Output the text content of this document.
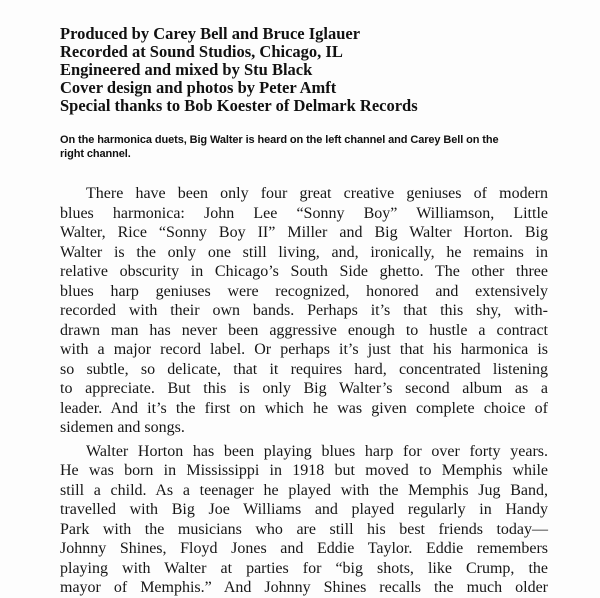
Produced by Carey Bell and Bruce Iglauer
Recorded at Sound Studios, Chicago, IL
Engineered and mixed by Stu Black
Cover design and photos by Peter Amft
Special thanks to Bob Koester of Delmark Records

On the harmonica duets, Big Walter is heard on the left channel and Carey Bell on the
right channel.

There have been only four great creative geniuses of modern
blues harmonica: John Lee “Sonny Boy” Williamson, Little
Walter, Rice “Sonny Boy II” Miller and Big Walter Horton. Big
Walter is the only one still living, and, ironically, he remains in
relative obscurity in Chicago’s South Side ghetto. The other three
blues harp geniuses were recognized, honored and extensively
recorded with their own bands. Perhaps it’s that this shy, with-
drawn man has never been aggressive enough to hustle a contract
with a major record label. Or perhaps it’s just that his harmonica is
so subtle, so delicate, that it requires hard, concentrated listening
to appreciate. But this is only Big Walter’s second album as a
leader. And it’s the first on which he was given complete choice of
sidemen and songs.
Walter Horton has been playing blues harp for over forty years.
He was born in Mississippi in 1918 but moved to Memphis while
still a child. As a teenager he played with the Memphis Jug Band,
travelled with Big Joe Williams and played regularly in Handy
Park with the musicians who are still his best friends today—
Johnny Shines, Floyd Jones and Eddie Taylor. Eddie remembers
playing with Walter at parties for “big shots, like Crump, the
mayor of Memphis.” And Johnny Shines recalls the much older
